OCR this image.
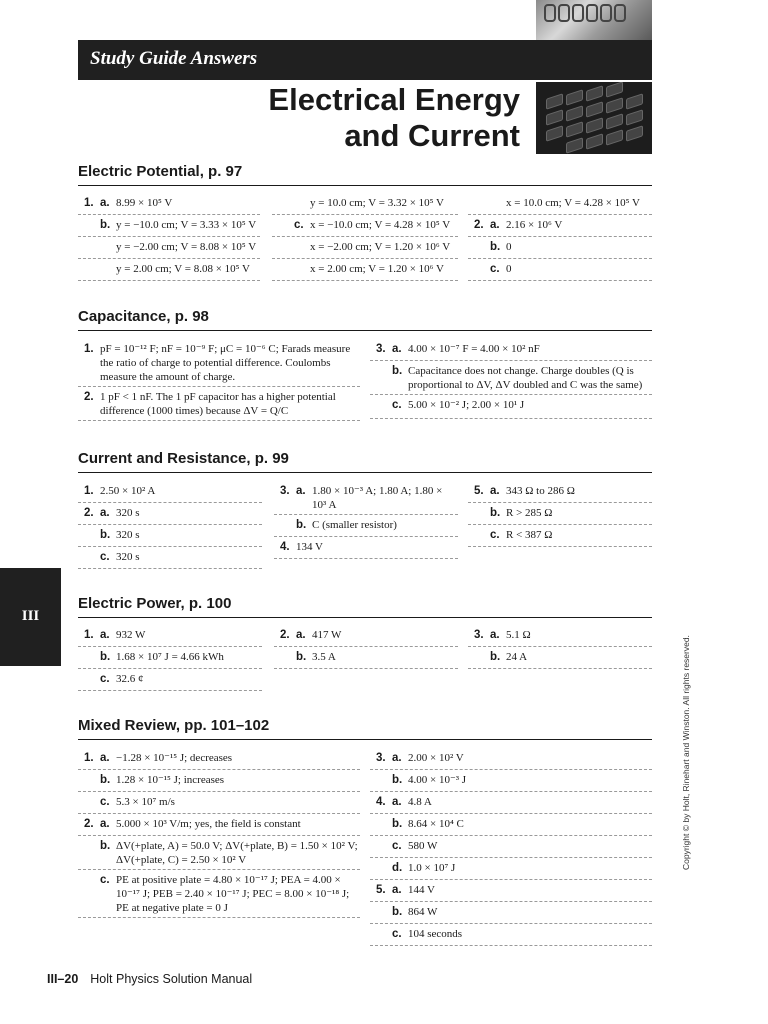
Study Guide Answers
Electrical Energy
and Current
Electric Potential, p. 97
1. a. 8.99 × 10⁵ V
b. y = −10.0 cm; V = 3.33 × 10⁵ V
y = −2.00 cm; V = 8.08 × 10⁵ V
y = 2.00 cm; V = 8.08 × 10⁵ V
y = 10.0 cm; V = 3.32 × 10⁵ V
c. x = −10.0 cm; V = 4.28 × 10⁵ V
x = −2.00 cm; V = 1.20 × 10⁶ V
x = 2.00 cm; V = 1.20 × 10⁶ V
x = 10.0 cm; V = 4.28 × 10⁵ V
2. a. 2.16 × 10⁶ V
b. 0
c. 0
Capacitance, p. 98
1. pF = 10⁻¹² F; nF = 10⁻⁹ F; μC = 10⁻⁶ C; Farads measure the ratio of charge to potential difference. Coulombs measure the amount of charge.
2. 1 pF < 1 nF. The 1 pF capacitor has a higher potential difference (1000 times) because ΔV = Q/C
3. a. 4.00 × 10⁻⁷ F = 4.00 × 10² nF
b. Capacitance does not change. Charge doubles (Q is proportional to ΔV, ΔV doubled and C was the same)
c. 5.00 × 10⁻² J; 2.00 × 10¹ J
Current and Resistance, p. 99
1. 2.50 × 10² A
2. a. 320 s
b. 320 s
c. 320 s
3. a. 1.80 × 10⁻³ A; 1.80 A; 1.80 × 10³ A
b. C (smaller resistor)
4. 134 V
5. a. 343 Ω to 286 Ω
b. R > 285 Ω
c. R < 387 Ω
III
Electric Power, p. 100
1. a. 932 W
b. 1.68 × 10⁷ J = 4.66 kWh
c. 32.6 ¢
2. a. 417 W
b. 3.5 A
3. a. 5.1 Ω
b. 24 A
Mixed Review, pp. 101–102
1. a. −1.28 × 10⁻¹⁵ J; decreases
b. 1.28 × 10⁻¹⁵ J; increases
c. 5.3 × 10⁷ m/s
2. a. 5.000 × 10³ V/m; yes, the field is constant
b. ΔV(+plate, A) = 50.0 V; ΔV(+plate, B) = 1.50 × 10² V; ΔV(+plate, C) = 2.50 × 10² V
c. PE at positive plate = 4.80 × 10⁻¹⁷ J; PEA = 4.00 × 10⁻¹⁷ J; PEB = 2.40 × 10⁻¹⁷ J; PEC = 8.00 × 10⁻¹⁸ J; PE at negative plate = 0 J
3. a. 2.00 × 10² V
b. 4.00 × 10⁻³ J
4. a. 4.8 A
b. 8.64 × 10⁴ C
c. 580 W
d. 1.0 × 10⁷ J
5. a. 144 V
b. 864 W
c. 104 seconds
Copyright © by Holt, Rinehart and Winston. All rights reserved.
III–20 Holt Physics Solution Manual
